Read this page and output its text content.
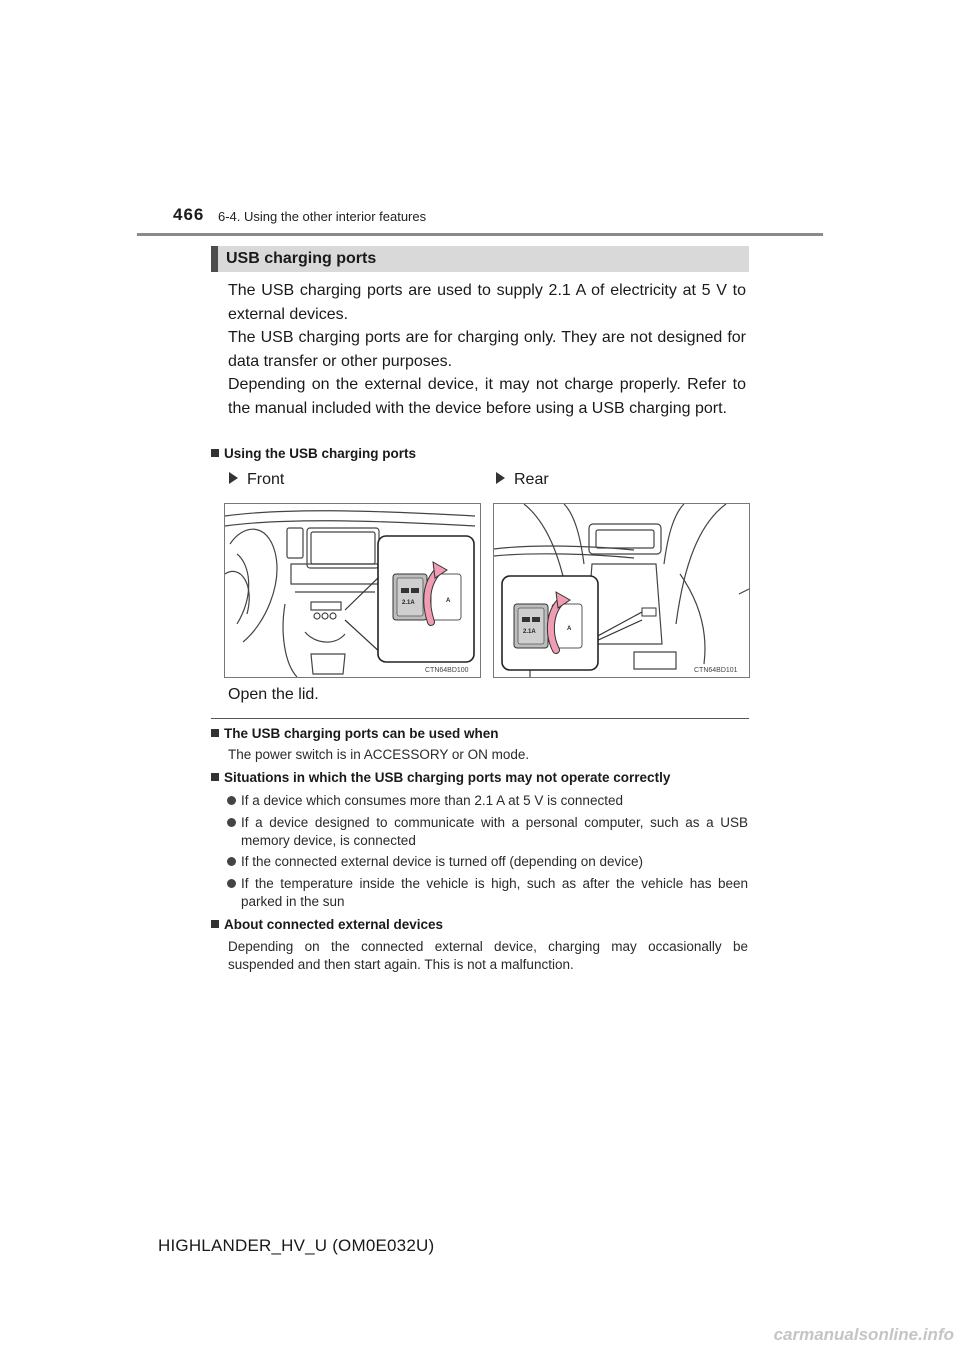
466 6-4. Using the other interior features
USB charging ports
The USB charging ports are used to supply 2.1 A of electricity at 5 V to external devices.
The USB charging ports are for charging only. They are not designed for data transfer or other purposes.
Depending on the external device, it may not charge properly. Refer to the manual included with the device before using a USB charging port.
Using the USB charging ports
Front	Rear
2.1A	A
CTN64BD100
2.1A	A
CTN64BD101
Open the lid.
The USB charging ports can be used when
The power switch is in ACCESSORY or ON mode.
Situations in which the USB charging ports may not operate correctly
If a device which consumes more than 2.1 A at 5 V is connected
If a device designed to communicate with a personal computer, such as a USB memory device, is connected
If the connected external device is turned off (depending on device)
If the temperature inside the vehicle is high, such as after the vehicle has been parked in the sun
About connected external devices
Depending on the connected external device, charging may occasionally be suspended and then start again. This is not a malfunction.
HIGHLANDER_HV_U (OM0E032U)
carmanualsonline.info
